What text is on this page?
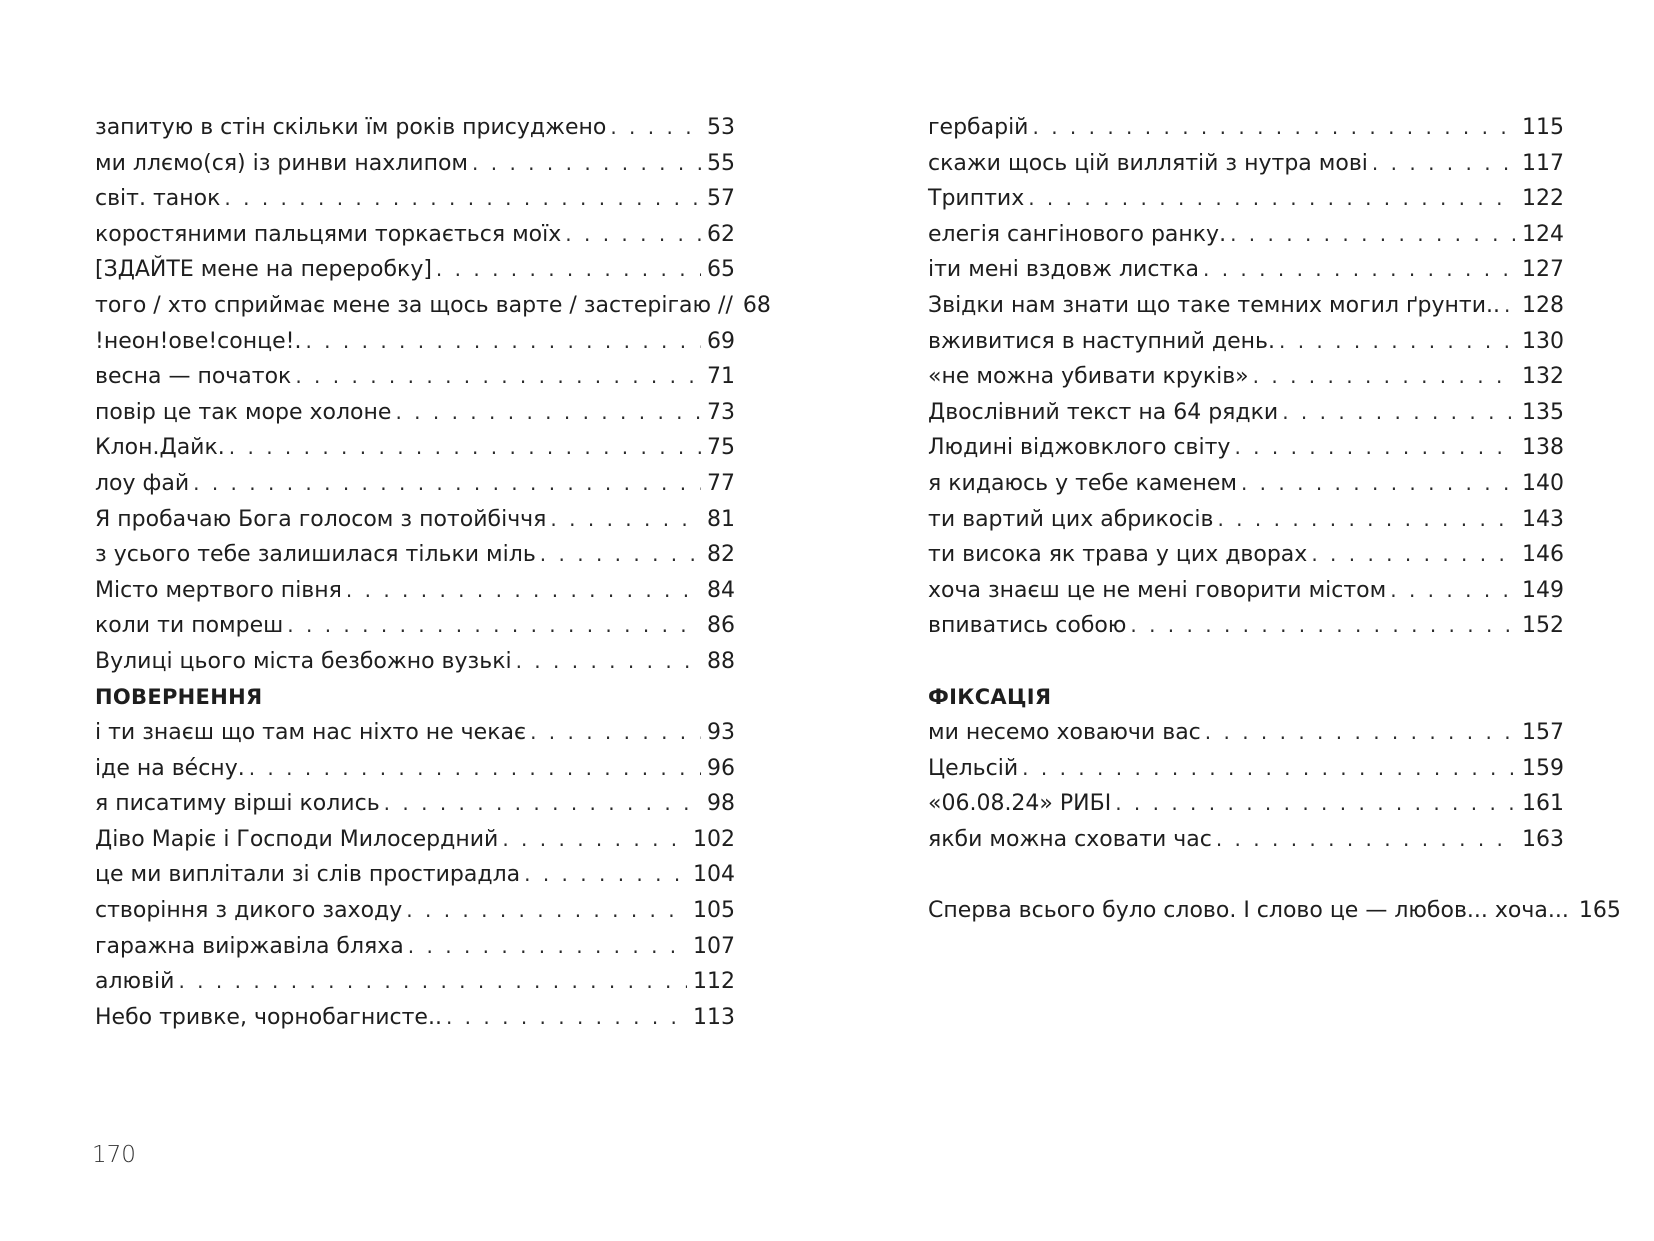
запитую в стін скільки їм років присуджено . . .	53
ми ллємо(ся) із ринви нахлипом . . .	55
світ. танок . . .	57
коростяними пальцями торкається моїх . . .	62
[ЗДАЙТЕ мене на переробку] . . .	65
того / хто сприймає мене за щось варте / застерігаю // 68
!неон!ове!сонце!. . . .	69
весна — початок . . .	71
повір це так море холоне . . .	73
Клон.Дайк. . . .	75
лоу фай . . .	77
Я пробачаю Бога голосом з потойбіччя . . .	81
з усього тебе залишилася тільки міль . . .	82
Місто мертвого півня . . .	84
коли ти помреш . . .	86
Вулиці цього міста безбожно вузькі . . .	88
ПОВЕРНЕННЯ
і ти знаєш що там нас ніхто не чекає . . .	93
іде на вéсну. . . .	96
я писатиму вірші колись . . .	98
Діво Маріє і Господи Милосердний . . .	102
це ми виплітали зі слів простирадла . . .	104
створіння з дикого заходу . . .	105
гаражна виіржавіла бляха . . .	107
алювій . . .	112
Небо тривке, чорнобагнисте.. . . .	113
гербарій . . .	115
скажи щось цій виллятій з нутра мові . . .	117
Триптих . . .	122
елегія сангінового ранку. . . .	124
іти мені вздовж листка . . .	127
Звідки нам знати що таке темних могил ґрунти.. . . . 128
вживитися в наступний день. . . .	130
«не можна убивати круків» . . .	132
Двослівний текст на 64 рядки . . .	135
Людині віджовклого світу . . .	138
я кидаюсь у тебе каменем . . .	140
ти вартий цих абрикосів . . .	143
ти висока як трава у цих дворах . . .	146
хоча знаєш це не мені говорити містом . . .	149
впиватись собою . . .	152
ФІКСАЦІЯ
ми несемо ховаючи вас . . .	157
Цельсій . . .	159
«06.08.24» РИБІ . . .	161
якби можна сховати час . . .	163
Сперва всього було слово. І слово це — любов... хоча... 165
170
